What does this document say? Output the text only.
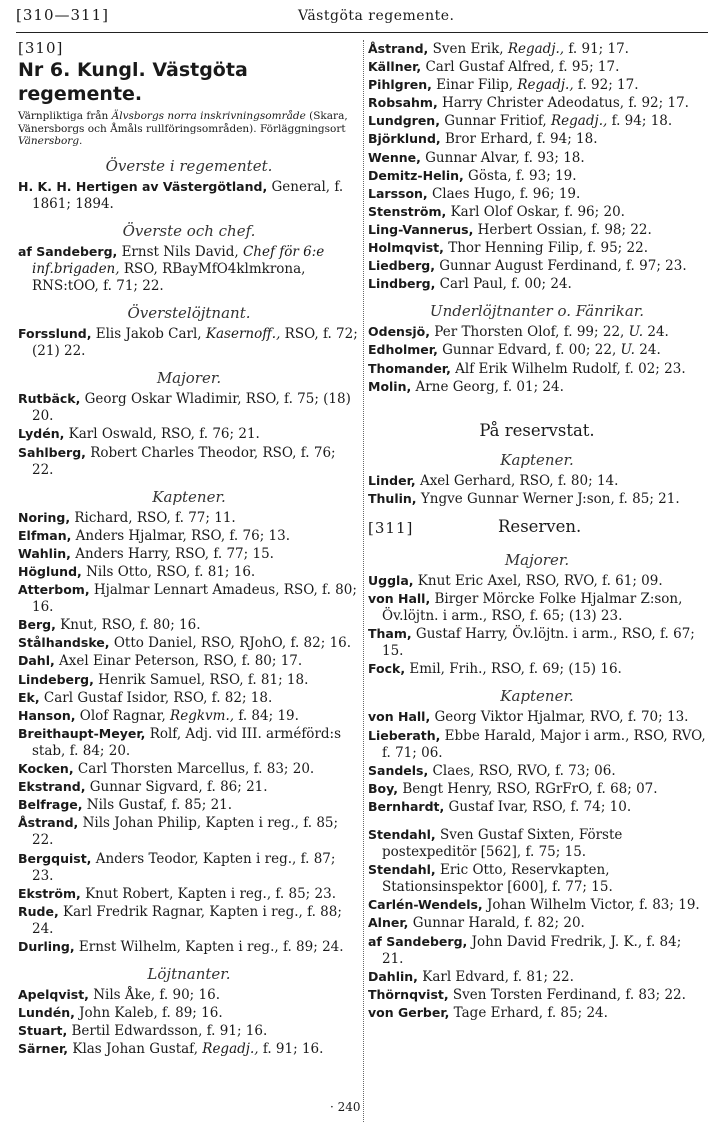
[310—311]	Västgöta regemente.
[310]
Nr 6. Kungl. Västgöta regemente.
Värnpliktiga från Älvsborgs norra inskrivningsområde (Skara, Vänersborgs och Åmåls rullföringsområden). Förläggningsort Vänersborg.
Överste i regementet.
H. K. H. Hertigen av Västergötland, General, f. 1861; 1894.
Överste och chef.
af Sandeberg, Ernst Nils David, Chef för 6:e inf.brigaden, RSO, RBayMfO4klmkrona, RNS:tOO, f. 71; 22.
Överstelöjtnant.
Forsslund, Elis Jakob Carl, Kasernoff., RSO, f. 72; (21) 22.
Majorer.
Rutbäck, Georg Oskar Wladimir, RSO, f. 75; (18) 20.
Lydén, Karl Oswald, RSO, f. 76; 21.
Sahlberg, Robert Charles Theodor, RSO, f. 76; 22.
Kaptener.
Noring, Richard, RSO, f. 77; 11.
Elfman, Anders Hjalmar, RSO, f. 76; 13.
Wahlin, Anders Harry, RSO, f. 77; 15.
Höglund, Nils Otto, RSO, f. 81; 16.
Atterbom, Hjalmar Lennart Amadeus, RSO, f. 80; 16.
Berg, Knut, RSO, f. 80; 16.
Stålhandske, Otto Daniel, RSO, RJohO, f. 82; 16.
Dahl, Axel Einar Peterson, RSO, f. 80; 17.
Lindeberg, Henrik Samuel, RSO, f. 81; 18.
Ek, Carl Gustaf Isidor, RSO, f. 82; 18.
Hanson, Olof Ragnar, Regkvm., f. 84; 19.
Breithaupt-Meyer, Rolf, Adj. vid III. arméförd:s stab, f. 84; 20.
Kocken, Carl Thorsten Marcellus, f. 83; 20.
Ekstrand, Gunnar Sigvard, f. 86; 21.
Belfrage, Nils Gustaf, f. 85; 21.
Åstrand, Nils Johan Philip, Kapten i reg., f. 85; 22.
Bergquist, Anders Teodor, Kapten i reg., f. 87; 23.
Ekström, Knut Robert, Kapten i reg., f. 85; 23.
Rude, Karl Fredrik Ragnar, Kapten i reg., f. 88; 24.
Durling, Ernst Wilhelm, Kapten i reg., f. 89; 24.
Löjtnanter.
Apelqvist, Nils Åke, f. 90; 16.
Lundén, John Kaleb, f. 89; 16.
Stuart, Bertil Edwardsson, f. 91; 16.
Särner, Klas Johan Gustaf, Regadj., f. 91; 16.
Åstrand, Sven Erik, Regadj., f. 91; 17.
Källner, Carl Gustaf Alfred, f. 95; 17.
Pihlgren, Einar Filip, Regadj., f. 92; 17.
Robsahm, Harry Christer Adeodatus, f. 92; 17.
Lundgren, Gunnar Fritiof, Regadj., f. 94; 18.
Björklund, Bror Erhard, f. 94; 18.
Wenne, Gunnar Alvar, f. 93; 18.
Demitz-Helin, Gösta, f. 93; 19.
Larsson, Claes Hugo, f. 96; 19.
Stenström, Karl Olof Oskar, f. 96; 20.
Ling-Vannerus, Herbert Ossian, f. 98; 22.
Holmqvist, Thor Henning Filip, f. 95; 22.
Liedberg, Gunnar August Ferdinand, f. 97; 23.
Lindberg, Carl Paul, f. 00; 24.
Underlöjtnanter o. Fänrikar.
Odensjö, Per Thorsten Olof, f. 99; 22, U. 24.
Edholmer, Gunnar Edvard, f. 00; 22, U. 24.
Thomander, Alf Erik Wilhelm Rudolf, f. 02; 23.
Molin, Arne Georg, f. 01; 24.
På reservstat.
Kaptener.
Linder, Axel Gerhard, RSO, f. 80; 14.
Thulin, Yngve Gunnar Werner J:son, f. 85; 21.
[311]	Reserven.
Majorer.
Uggla, Knut Eric Axel, RSO, RVO, f. 61; 09.
von Hall, Birger Mörcke Folke Hjalmar Z:son, Öv.löjtn. i arm., RSO, f. 65; (13) 23.
Tham, Gustaf Harry, Öv.löjtn. i arm., RSO, f. 67; 15.
Fock, Emil, Frih., RSO, f. 69; (15) 16.
Kaptener.
von Hall, Georg Viktor Hjalmar, RVO, f. 70; 13.
Lieberath, Ebbe Harald, Major i arm., RSO, RVO, f. 71; 06.
Sandels, Claes, RSO, RVO, f. 73; 06.
Boy, Bengt Henry, RSO, RGrFrO, f. 68; 07.
Bernhardt, Gustaf Ivar, RSO, f. 74; 10.
Stendahl, Sven Gustaf Sixten, Förste postexpeditör [562], f. 75; 15.
Stendahl, Eric Otto, Reservkapten, Stationsinspektor [600], f. 77; 15.
Carlén-Wendels, Johan Wilhelm Victor, f. 83; 19.
Alner, Gunnar Harald, f. 82; 20.
af Sandeberg, John David Fredrik, J. K., f. 84; 21.
Dahlin, Karl Edvard, f. 81; 22.
Thörnqvist, Sven Torsten Ferdinand, f. 83; 22.
von Gerber, Tage Erhard, f. 85; 24.
· 240
